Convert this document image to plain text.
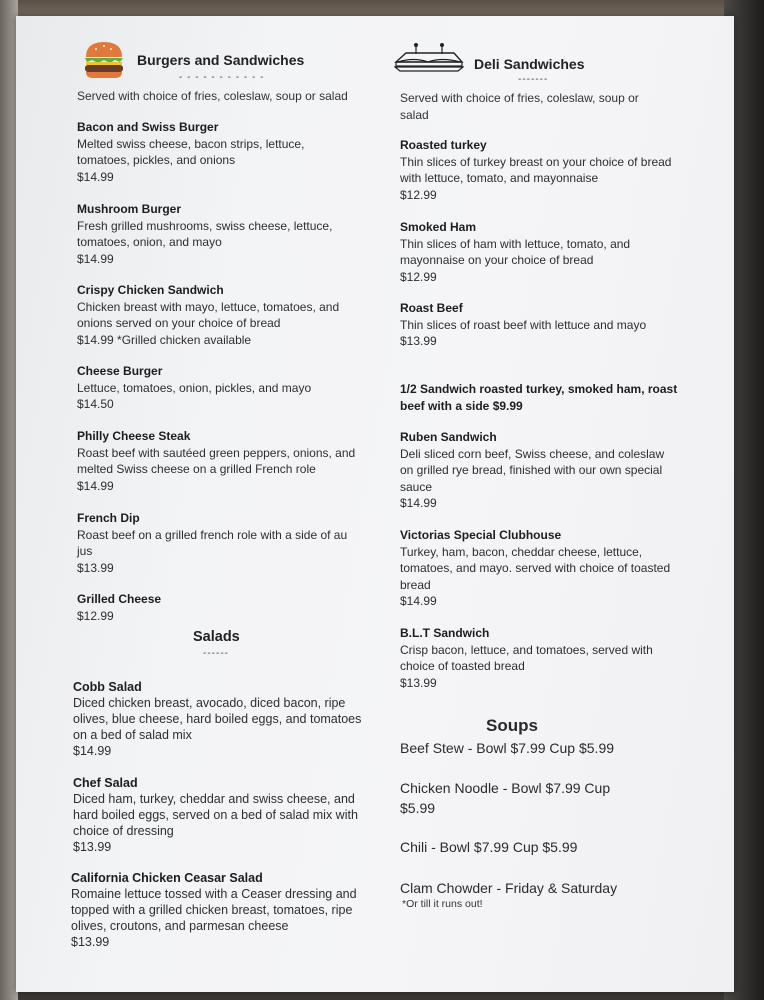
Burgers and Sandwiches
- - - - - - - - - - -
Served with choice of fries, coleslaw, soup or salad
Bacon and Swiss Burger
Melted swiss cheese, bacon strips, lettuce, tomatoes, pickles, and onions
$14.99
Mushroom Burger
Fresh grilled mushrooms, swiss cheese, lettuce, tomatoes, onion, and mayo
$14.99
Crispy Chicken Sandwich
Chicken breast with mayo, lettuce, tomatoes, and onions served on your choice of bread
$14.99 *Grilled chicken available
Cheese Burger
Lettuce, tomatoes, onion, pickles, and mayo
$14.50
Philly Cheese Steak
Roast beef with sautéed green peppers, onions, and melted Swiss cheese on a grilled French role
$14.99
French Dip
Roast beef on a grilled french role with a side of au jus
$13.99
Grilled Cheese
$12.99
Salads
------
Cobb Salad
Diced chicken breast, avocado, diced bacon, ripe olives, blue cheese, hard boiled eggs, and tomatoes on a bed of salad mix
$14.99
Chef Salad
Diced ham, turkey, cheddar and swiss cheese, and hard boiled eggs, served on a bed of salad mix with choice of dressing
$13.99
California Chicken Ceasar Salad
Romaine lettuce tossed with a Ceaser dressing and topped with a grilled chicken breast, tomatoes, ripe olives, croutons, and parmesan cheese
$13.99
Deli Sandwiches
-------
Served with choice of fries, coleslaw, soup or salad
Roasted turkey
Thin slices of turkey breast on your choice of bread with lettuce, tomato, and mayonnaise
$12.99
Smoked Ham
Thin slices of ham with lettuce, tomato, and mayonnaise on your choice of bread
$12.99
Roast Beef
Thin slices of roast beef with lettuce and mayo
$13.99
1/2 Sandwich roasted turkey, smoked ham, roast beef with a side $9.99
Ruben Sandwich
Deli sliced corn beef, Swiss cheese, and coleslaw on grilled rye bread, finished with our own special sauce
$14.99
Victorias Special Clubhouse
Turkey, ham, bacon, cheddar cheese, lettuce, tomatoes, and mayo. served with choice of toasted bread
$14.99
B.L.T Sandwich
Crisp bacon, lettuce, and tomatoes, served with choice of toasted bread
$13.99
Soups
Beef Stew - Bowl $7.99 Cup $5.99
Chicken Noodle - Bowl $7.99 Cup $5.99
Chili - Bowl $7.99 Cup $5.99
Clam Chowder - Friday & Saturday
*Or till it runs out!
